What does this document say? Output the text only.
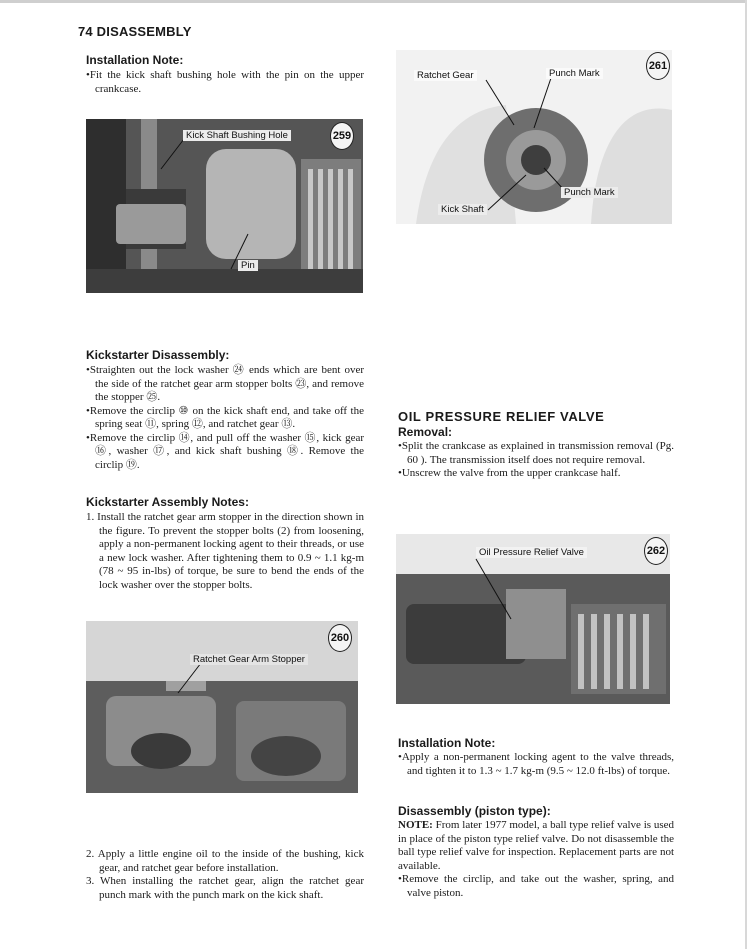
74 DISASSEMBLY
Installation Note:

•Fit the kick shaft bushing hole with the pin on the upper crankcase.

Kick Shaft Bushing Hole
Pin
259
Kickstarter Disassembly:

•Straighten out the lock washer ㉔ ends which are bent over the side of the ratchet gear arm stopper bolts ㉓, and remove the stopper ㉕.

•Remove the circlip ⑩ on the kick shaft end, and take off the spring seat ⑪, spring ⑫, and ratchet gear ⑬.

•Remove the circlip ⑭, and pull off the washer ⑮, kick gear ⑯, washer ⑰, and kick shaft bushing ⑱. Remove the circlip ⑲.

Kickstarter Assembly Notes:

1. Install the ratchet gear arm stopper in the direction shown in the figure. To prevent the stopper bolts (2) from loosening, apply a non-permanent locking agent to their threads, or use a new lock washer. After tightening them to 0.9 ~ 1.1 kg-m (78 ~ 95 in-lbs) of torque, be sure to bend the ends of the lock washer over the stopper bolts.

Ratchet Gear Arm Stopper
260

2. Apply a little engine oil to the inside of the bushing, kick gear, and ratchet gear before installation.

3. When installing the ratchet gear, align the ratchet gear punch mark with the punch mark on the kick shaft.

Ratchet Gear	Punch Mark
Punch Mark
Kick Shaft
261
OIL PRESSURE RELIEF VALVE
Removal:

•Split the crankcase as explained in transmission removal (Pg. 60 ). The transmission itself does not require removal.

•Unscrew the valve from the upper crankcase half.

Oil Pressure Relief Valve	262
Installation Note:

•Apply a non-permanent locking agent to the valve threads, and tighten it to 1.3 ~ 1.7 kg-m (9.5 ~ 12.0 ft-lbs) of torque.

Disassembly (piston type):

NOTE: From later 1977 model, a ball type relief valve is used in place of the piston type relief valve. Do not disassemble the ball type relief valve for inspection. Replacement parts are not available.

•Remove the circlip, and take out the washer, spring, and valve piston.
